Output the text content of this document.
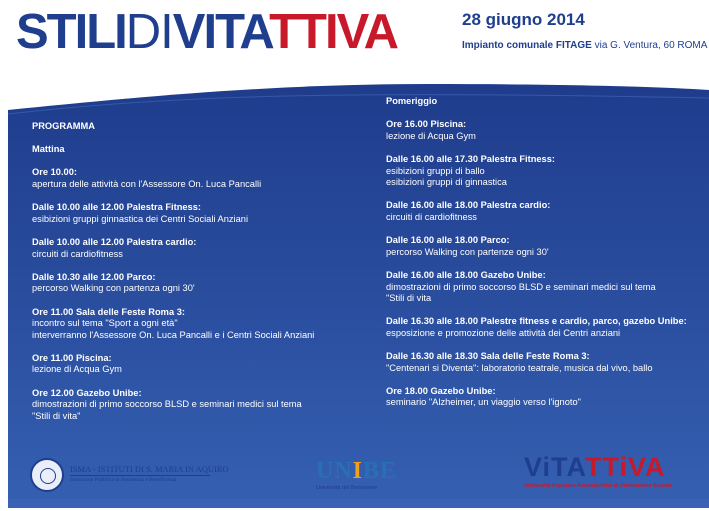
STILIDIVITATTIVA	28 giugno 2014
Impianto comunale FITAGE via G. Ventura, 60 ROMA
PROGRAMMA
Mattina
Ore 10.00:
apertura delle attività con l'Assessore On. Luca Pancalli
Dalle 10.00 alle 12.00 Palestra Fitness:
esibizioni gruppi ginnastica dei Centri Sociali Anziani
Dalle 10.00 alle 12.00 Palestra cardio:
circuiti di cardiofitness
Dalle 10.30 alle 12.00 Parco:
percorso Walking con partenza ogni 30'
Ore 11.00 Sala delle Feste Roma 3:
incontro sul tema "Sport a ogni età"
interverranno l'Assessore On. Luca Pancalli e i Centri Sociali Anziani
Ore 11.00 Piscina:
lezione di Acqua Gym
Ore 12.00 Gazebo Unibe:
dimostrazioni di primo soccorso BLSD e seminari medici sul tema
"Stili di vita"
Pomeriggio
Ore 16.00 Piscina:
lezione di Acqua Gym
Dalle 16.00 alle 17.30 Palestra Fitness:
esibizioni gruppi di ballo
esibizioni gruppi di ginnastica
Dalle 16.00 alle 18.00 Palestra cardio:
circuiti di cardiofitness
Dalle 16.00 alle 18.00 Parco:
percorso Walking con partenze ogni 30'
Dalle 16.00 alle 18.00 Gazebo Unibe:
dimostrazioni di primo soccorso BLSD e seminari medici sul tema
"Stili di vita
Dalle 16.30 alle 18.00 Palestre fitness e cardio, parco, gazebo Unibe:
esposizione e promozione delle attività dei Centri anziani
Dalle 16.30 alle 18.30 Sala delle Feste Roma 3:
"Centenari si Diventa": laboratorio teatrale, musica dal vivo, ballo
Ore 18.00 Gazebo Unibe:
seminario "Alzheimer, un viaggio verso l'ignoto"
ISMA - ISTITUTI DI S. MARIA IN AQUIRO
Istituzione Pubblica di Assistenza e Beneficenza	UNIBE
Università del Benessere
ViTATTiVA
Università Popolare Associazione di Promozione Sociale
